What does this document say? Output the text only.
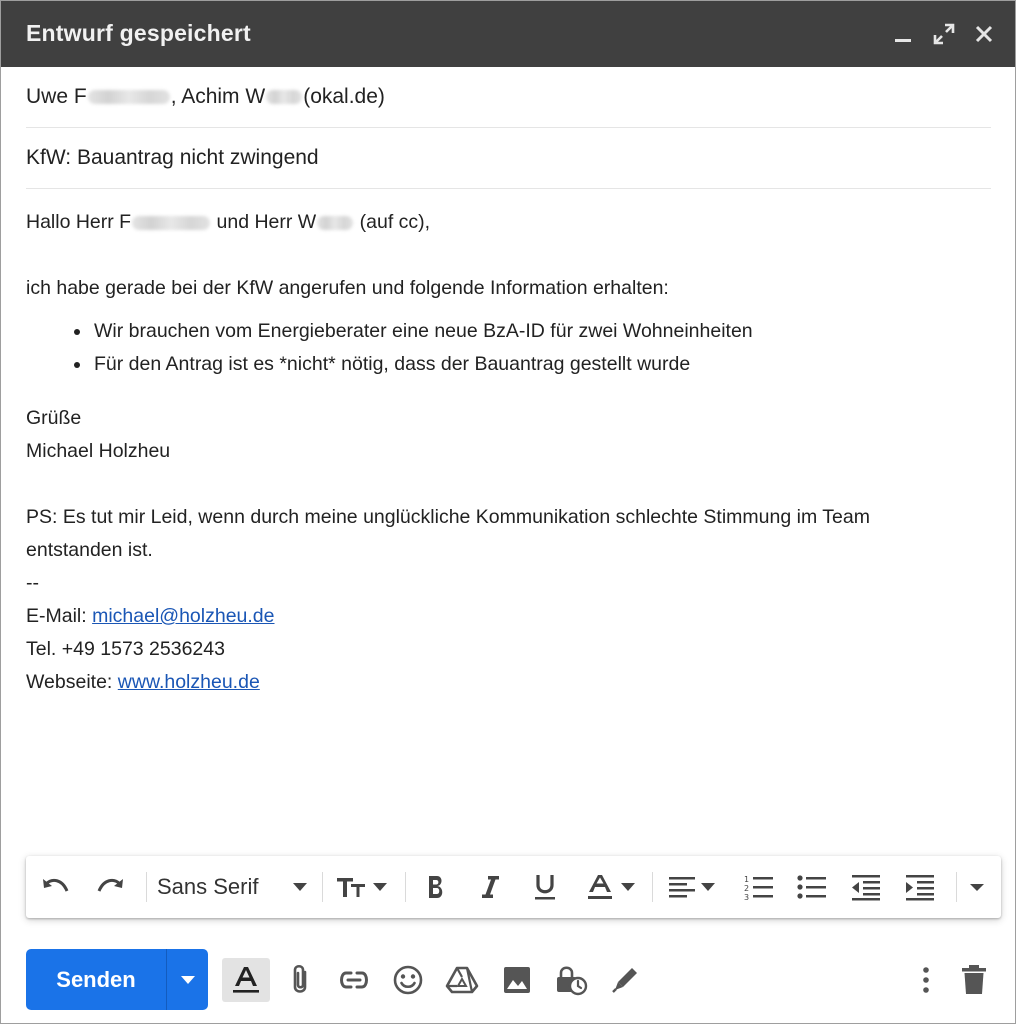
Entwurf gespeichert
Uwe F	, Achim W (okal.de)
KfW: Bauantrag nicht zwingend

Hallo Herr F	und Herr W (auf cc),

ich habe gerade bei der KfW angerufen und folgende Information erhalten:

Wir brauchen vom Energieberater eine neue BzA-ID für zwei Wohneinheiten
Für den Antrag ist es *nicht* nötig, dass der Bauantrag gestellt wurde

Grüße

Michael Holzheu

PS: Es tut mir Leid, wenn durch meine unglückliche Kommunikation schlechte Stimmung im Team

entstanden ist.

--

E-Mail: michael@holzheu.de

Tel. +49 1573 2536243

Webseite: www.holzheu.de

Sans Serif	1
2
3
Senden
